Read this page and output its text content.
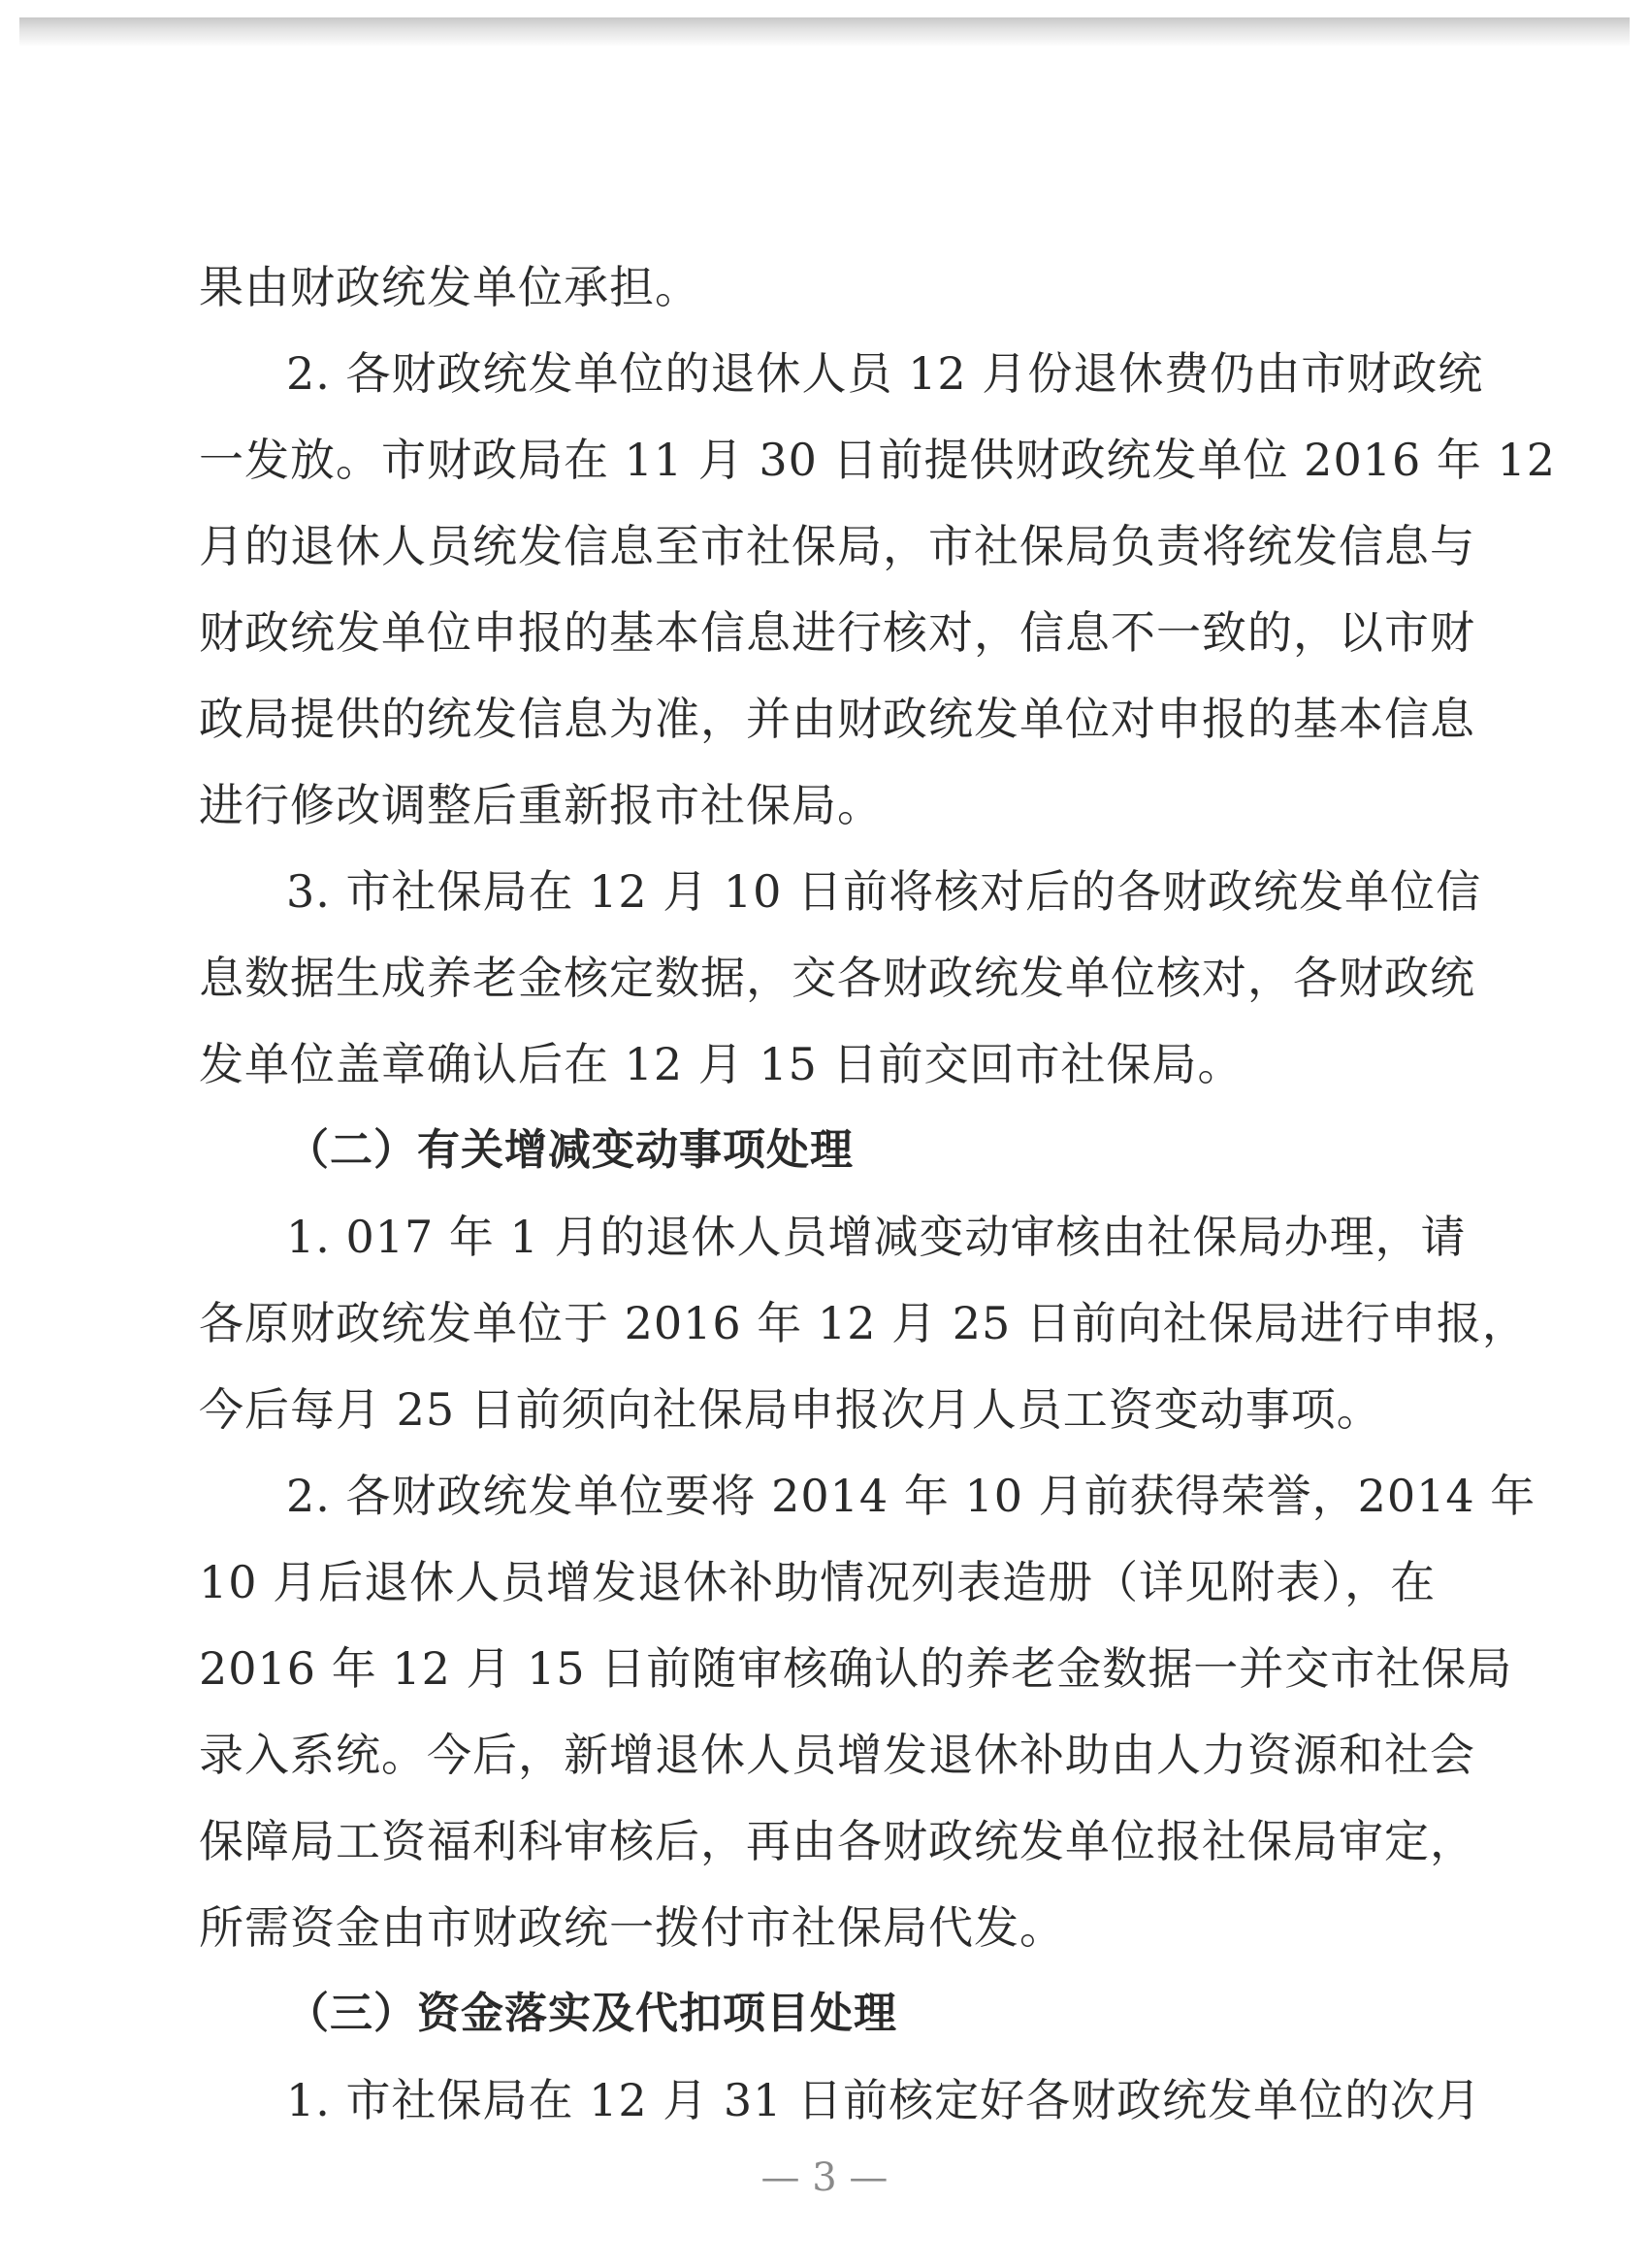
果由财政统发单位承担。
2. 各财政统发单位的退休人员 12 月份退休费仍由市财政统
一发放。市财政局在 11 月 30 日前提供财政统发单位 2016 年 12
月的退休人员统发信息至市社保局，市社保局负责将统发信息与
财政统发单位申报的基本信息进行核对，信息不一致的，以市财
政局提供的统发信息为准，并由财政统发单位对申报的基本信息
进行修改调整后重新报市社保局。
3. 市社保局在 12 月 10 日前将核对后的各财政统发单位信
息数据生成养老金核定数据，交各财政统发单位核对，各财政统
发单位盖章确认后在 12 月 15 日前交回市社保局。
（二）有关增减变动事项处理
1. 017 年 1 月的退休人员增减变动审核由社保局办理，请
各原财政统发单位于 2016 年 12 月 25 日前向社保局进行申报，
今后每月 25 日前须向社保局申报次月人员工资变动事项。
2. 各财政统发单位要将 2014 年 10 月前获得荣誉，2014 年
10 月后退休人员增发退休补助情况列表造册（详见附表），在
2016 年 12 月 15 日前随审核确认的养老金数据一并交市社保局
录入系统。今后，新增退休人员增发退休补助由人力资源和社会
保障局工资福利科审核后，再由各财政统发单位报社保局审定，
所需资金由市财政统一拨付市社保局代发。
（三）资金落实及代扣项目处理
1. 市社保局在 12 月 31 日前核定好各财政统发单位的次月
— 3 —
